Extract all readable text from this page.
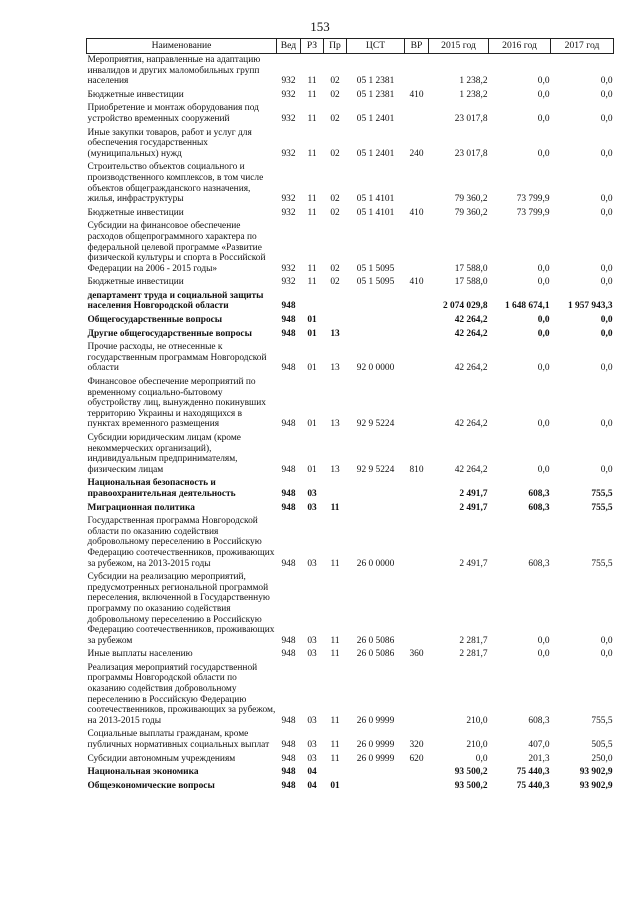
153
Наименование	Вед	РЗ	Пр	ЦСТ	ВР	2015 год	2016 год	2017 год
Мероприятия, направленные на адаптацию инвалидов и других маломобильных групп населения	932	11	02	05 1 2381		1 238,2	0,0	0,0
Бюджетные инвестиции	932	11	02	05 1 2381	410	1 238,2	0,0	0,0
Приобретение и монтаж оборудования под устройство временных сооружений	932	11	02	05 1 2401		23 017,8	0,0	0,0
Иные закупки товаров, работ и услуг для обеспечения государственных (муниципальных) нужд	932	11	02	05 1 2401	240	23 017,8	0,0	0,0
Строительство объектов социального и производственного комплексов, в том числе объектов общегражданского назначения, жилья, инфраструктуры	932	11	02	05 1 4101		79 360,2	73 799,9	0,0
Бюджетные инвестиции	932	11	02	05 1 4101	410	79 360,2	73 799,9	0,0
Субсидии на финансовое обеспечение расходов общепрограммного характера по федеральной целевой программе «Развитие физической культуры и спорта в Российской Федерации на 2006 - 2015 годы»	932	11	02	05 1 5095		17 588,0	0,0	0,0
Бюджетные инвестиции	932	11	02	05 1 5095	410	17 588,0	0,0	0,0
департамент труда и социальной защиты населения Новгородской области	948					2 074 029,8	1 648 674,1	1 957 943,3
Общегосударственные вопросы	948	01				42 264,2	0,0	0,0
Другие общегосударственные вопросы	948	01	13			42 264,2	0,0	0,0
Прочие расходы, не отнесенные к государственным программам Новгородской области	948	01	13	92 0 0000		42 264,2	0,0	0,0
Финансовое обеспечение мероприятий по временному социально-бытовому обустройству лиц, вынужденно покинувших территорию Украины и находящихся в пунктах временного размещения	948	01	13	92 9 5224		42 264,2	0,0	0,0
Субсидии юридическим лицам (кроме некоммерческих организаций), индивидуальным предпринимателям, физическим лицам	948	01	13	92 9 5224	810	42 264,2	0,0	0,0
Национальная безопасность и правоохранительная деятельность	948	03				2 491,7	608,3	755,5
Миграционная политика	948	03	11			2 491,7	608,3	755,5
Государственная программа Новгородской области по оказанию содействия добровольному переселению в Российскую Федерацию соотечественников, проживающих за рубежом, на 2013-2015 годы	948	03	11	26 0 0000		2 491,7	608,3	755,5
Субсидии на реализацию мероприятий, предусмотренных региональной программой переселения, включенной в Государственную программу по оказанию содействия добровольному переселению в Российскую Федерацию соотечественников, проживающих за рубежом	948	03	11	26 0 5086		2 281,7	0,0	0,0
Иные выплаты населению	948	03	11	26 0 5086	360	2 281,7	0,0	0,0
Реализация мероприятий государственной программы Новгородской области по оказанию содействия добровольному переселению в Российскую Федерацию соотечественников, проживающих за рубежом, на 2013-2015 годы	948	03	11	26 0 9999		210,0	608,3	755,5
Социальные выплаты гражданам, кроме публичных нормативных социальных выплат	948	03	11	26 0 9999	320	210,0	407,0	505,5
Субсидии автономным учреждениям	948	03	11	26 0 9999	620	0,0	201,3	250,0
Национальная экономика	948	04				93 500,2	75 440,3	93 902,9
Общеэкономические вопросы	948	04	01			93 500,2	75 440,3	93 902,9
